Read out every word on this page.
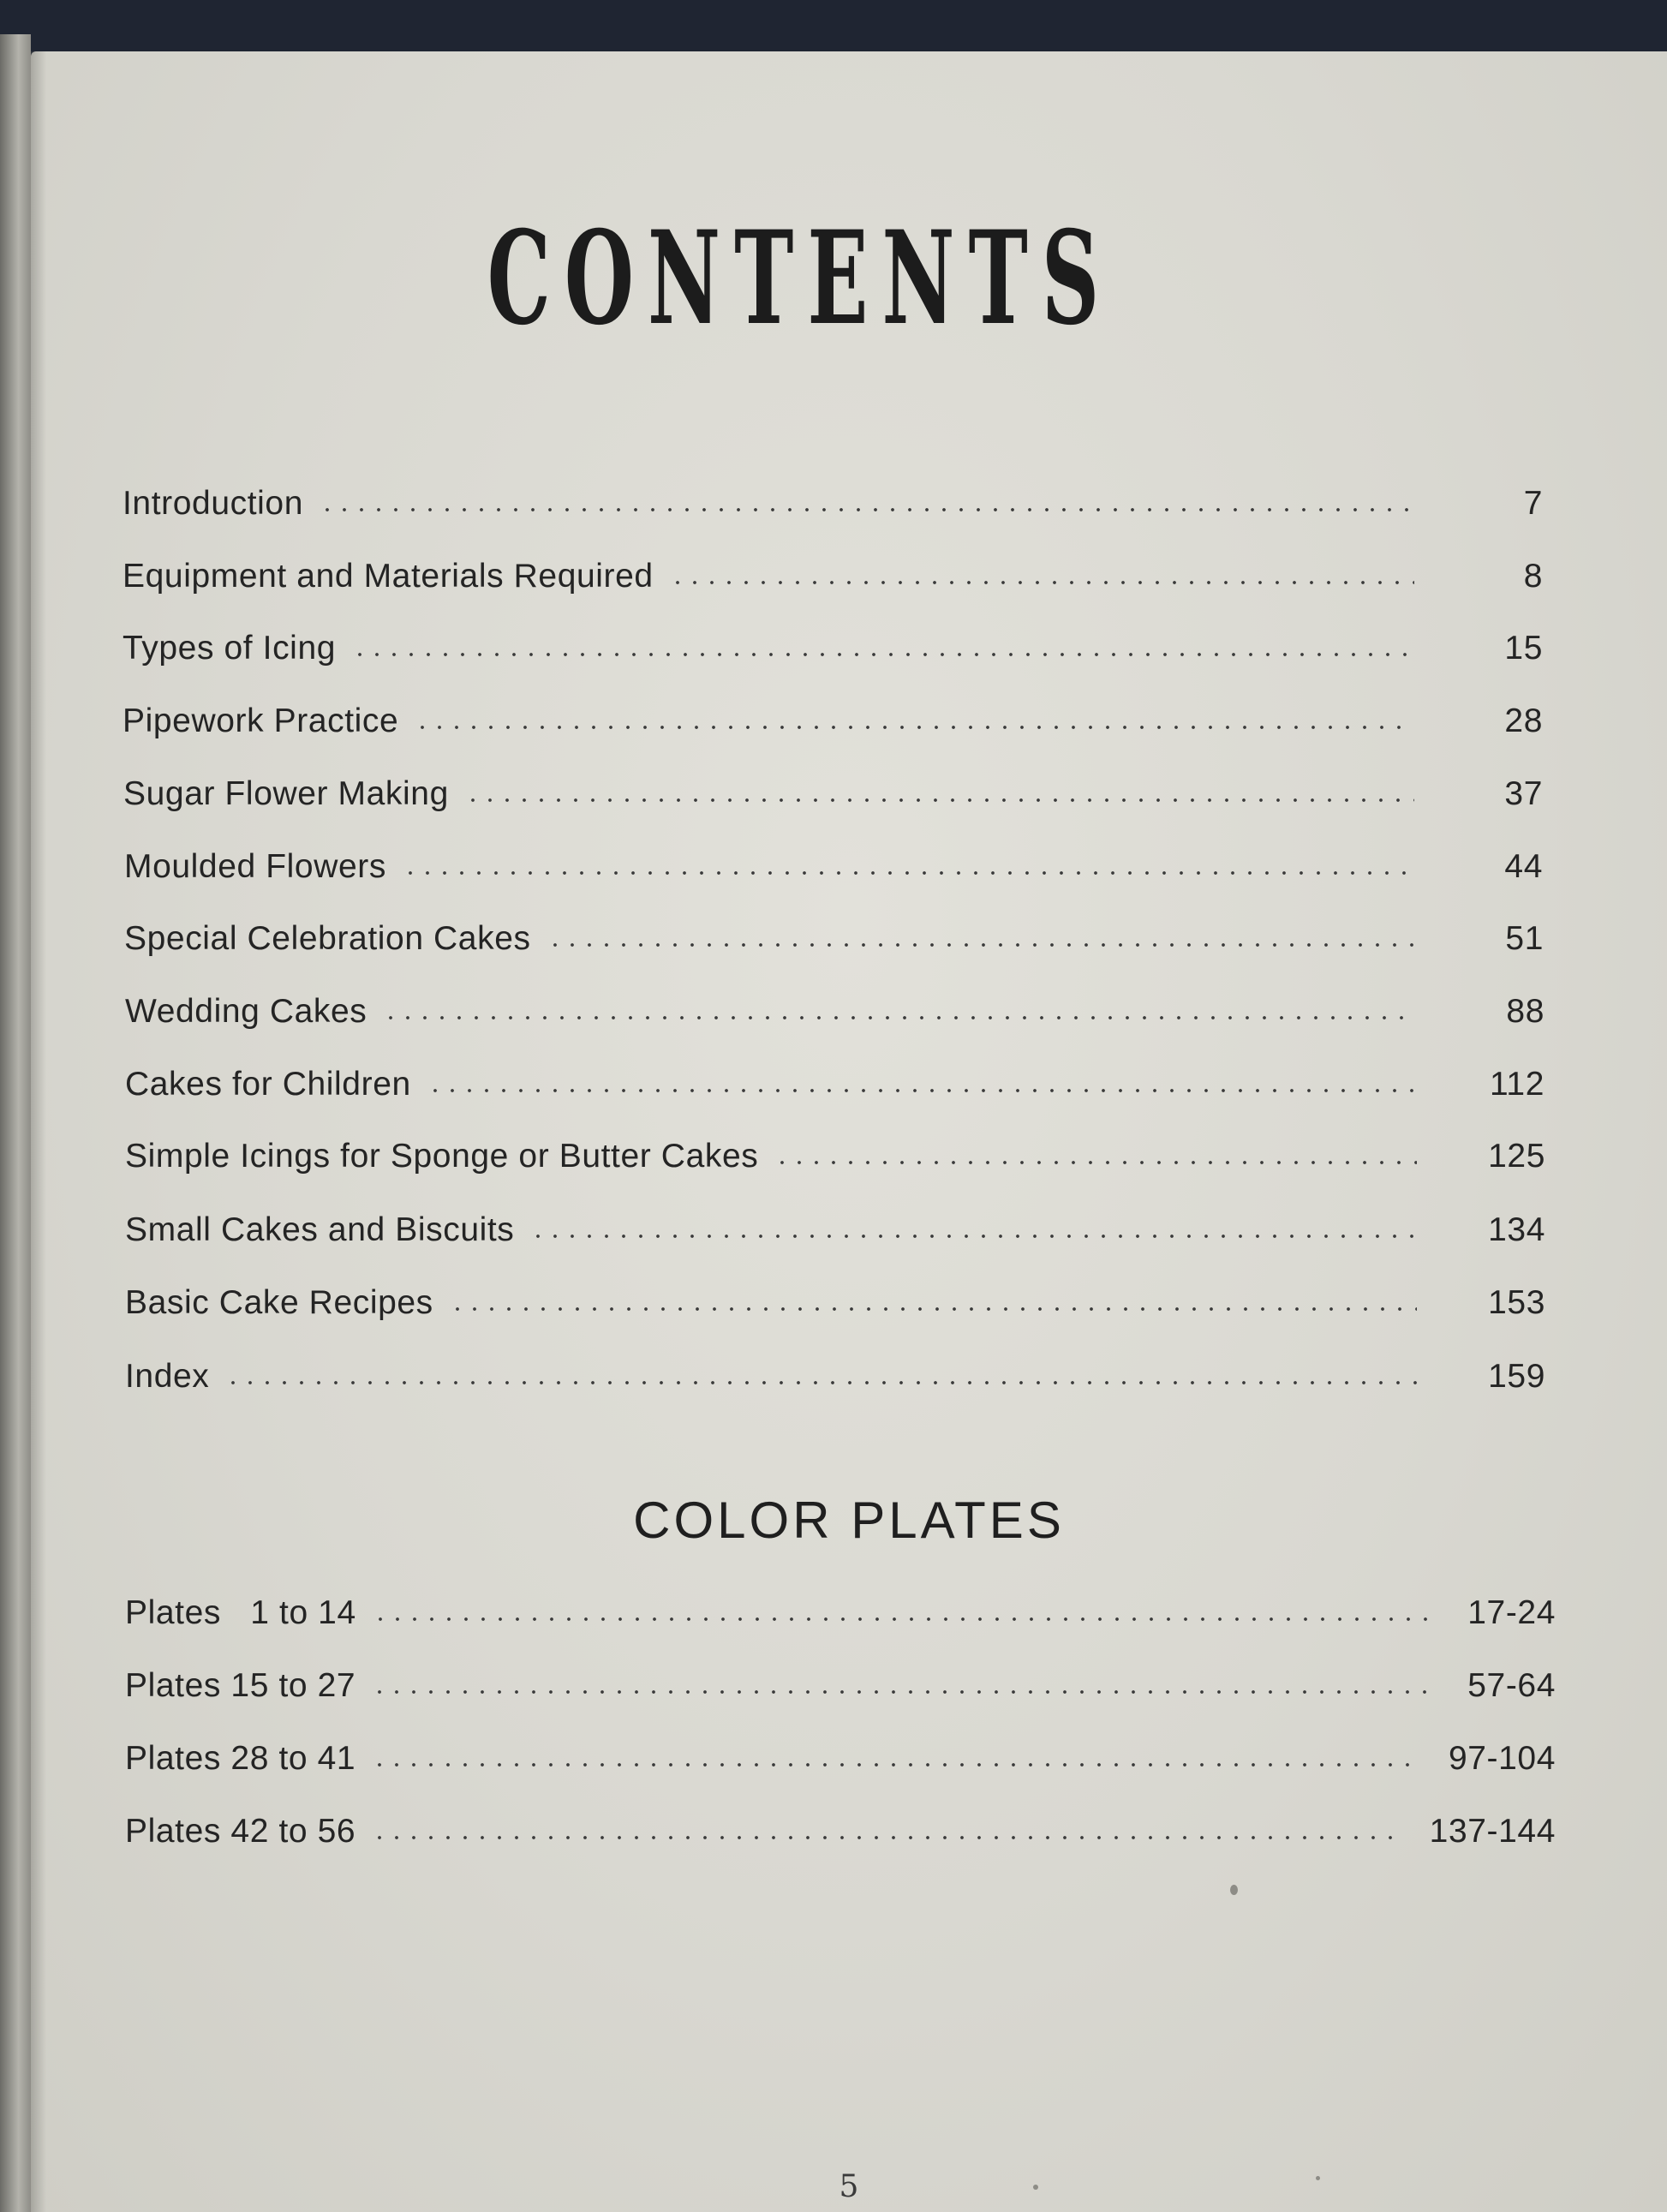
CONTENTS
Introduction	7
Equipment and Materials Required	8
Types of Icing	15
Pipework Practice	28
Sugar Flower Making	37
Moulded Flowers	44
Special Celebration Cakes	51
Wedding Cakes	88
Cakes for Children	112
Simple Icings for Sponge or Butter Cakes	125
Small Cakes and Biscuits	134
Basic Cake Recipes	153
Index	159
COLOR PLATES
Plates   1 to 14	17-24
Plates 15 to 27	57-64
Plates 28 to 41	97-104
Plates 42 to 56	137-144
5
